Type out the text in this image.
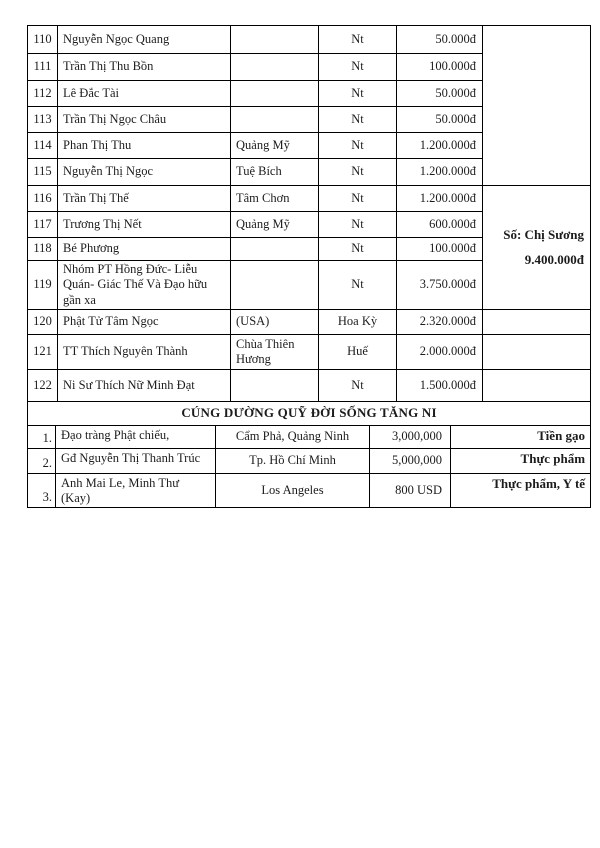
110	Nguyễn Ngọc Quang		Nt	50.000đ	
111	Trần Thị Thu Bồn		Nt	100.000đ	
112	Lê Đắc Tài		Nt	50.000đ	
113	Trần Thị Ngọc Châu		Nt	50.000đ	
114	Phan Thị Thu	Quảng Mỹ	Nt	1.200.000đ	
115	Nguyễn Thị Ngọc	Tuệ Bích	Nt	1.200.000đ	
116	Trần Thị Thế	Tâm Chơn	Nt	1.200.000đ	Số: Chị Sương
9.400.000đ

117	Trương Thị Nết	Quảng Mỹ	Nt	600.000đ	
118	Bé Phương		Nt	100.000đ	
119	Nhóm PT Hồng Đức- Liễu Quán- Giác Thế Và Đạo hữu gần xa		Nt	3.750.000đ	
120	Phật Tử Tâm Ngọc	(USA)	Hoa Kỳ	2.320.000đ	
121	TT Thích Nguyên Thành	Chùa Thiên Hương	Huế	2.000.000đ	
122	Ni Sư Thích Nữ Minh Đạt		Nt	1.500.000đ	
CÚNG DƯỜNG QUỸ ĐỜI SỐNG TĂNG NI				
1.	Đạo tràng Phật chiếu,	Cẩm Phả, Quảng Ninh	3,000,000	Tiền gạo
2.	Gđ Nguyễn Thị Thanh Trúc	Tp. Hồ Chí Minh	5,000,000	Thực phẩm
3.	Anh Mai Le, Minh Thư (Kay)	Los Angeles	800 USD	Thực phẩm, Y tế
